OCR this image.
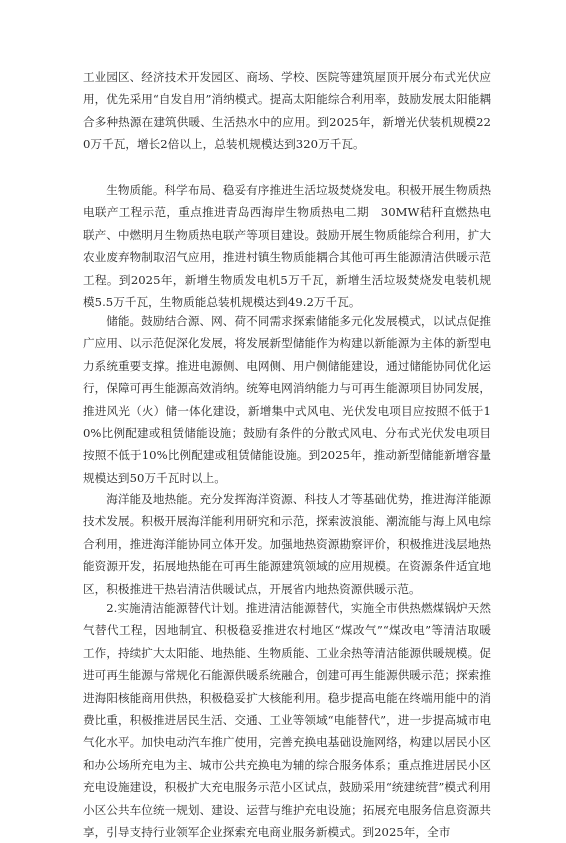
工业园区、经济技术开发园区、商场、学校、医院等建筑屋顶开展分布式光伏应用，优先采用“自发自用”消纳模式。提高太阳能综合利用率，鼓励发展太阳能耦合多种热源在建筑供暖、生活热水中的应用。到2025年，新增光伏装机规模220万千瓦，增长2倍以上，总装机规模达到320万千瓦。

生物质能。科学布局、稳妥有序推进生活垃圾焚烧发电。积极开展生物质热电联产工程示范，重点推进青岛西海岸生物质热电二期　30MW秸秆直燃热电联产、中燃明月生物质热电联产等项目建设。鼓励开展生物质能综合利用，扩大农业废弃物制取沼气应用，推进村镇生物质能耦合其他可再生能源清洁供暖示范工程。到2025年，新增生物质发电机5万千瓦，新增生活垃圾焚烧发电装机规模5.5万千瓦，生物质能总装机规模达到49.2万千瓦。

储能。鼓励结合源、网、荷不同需求探索储能多元化发展模式，以试点促推广应用、以示范促深化发展，将发展新型储能作为构建以新能源为主体的新型电力系统重要支撑。推进电源侧、电网侧、用户侧储能建设，通过储能协同优化运行，保障可再生能源高效消纳。统筹电网消纳能力与可再生能源项目协同发展，推进风光（火）储一体化建设，新增集中式风电、光伏发电项目应按照不低于10%比例配建或租赁储能设施；鼓励有条件的分散式风电、分布式光伏发电项目按照不低于10%比例配建或租赁储能设施。到2025年，推动新型储能新增容量规模达到50万千瓦时以上。

海洋能及地热能。充分发挥海洋资源、科技人才等基础优势，推进海洋能源技术发展。积极开展海洋能利用研究和示范，探索波浪能、潮流能与海上风电综合利用，推进海洋能协同立体开发。加强地热资源勘察评价，积极推进浅层地热能资源开发，拓展地热能在可再生能源建筑领域的应用规模。在资源条件适宜地区，积极推进干热岩清洁供暖试点，开展省内地热资源供暖示范。

2.实施清洁能源替代计划。推进清洁能源替代，实施全市供热燃煤锅炉天然气替代工程，因地制宜、积极稳妥推进农村地区“煤改气”“煤改电”等清洁取暖工作，持续扩大太阳能、地热能、生物质能、工业余热等清洁能源供暖规模。促进可再生能源与常规化石能源供暖系统融合，创建可再生能源供暖示范；探索推进海阳核能商用供热，积极稳妥扩大核能利用。稳步提高电能在终端用能中的消费比重，积极推进居民生活、交通、工业等领域“电能替代”，进一步提高城市电气化水平。加快电动汽车推广使用，完善充换电基础设施网络，构建以居民小区和办公场所充电为主、城市公共充换电为辅的综合服务体系；重点推进居民小区充电设施建设，积极扩大充电服务示范小区试点，鼓励采用“统建统营”模式利用小区公共车位统一规划、建设、运营与维护充电设施；拓展充电服务信息资源共享，引导支持行业领军企业探索充电商业服务新模式。到2025年，全市
